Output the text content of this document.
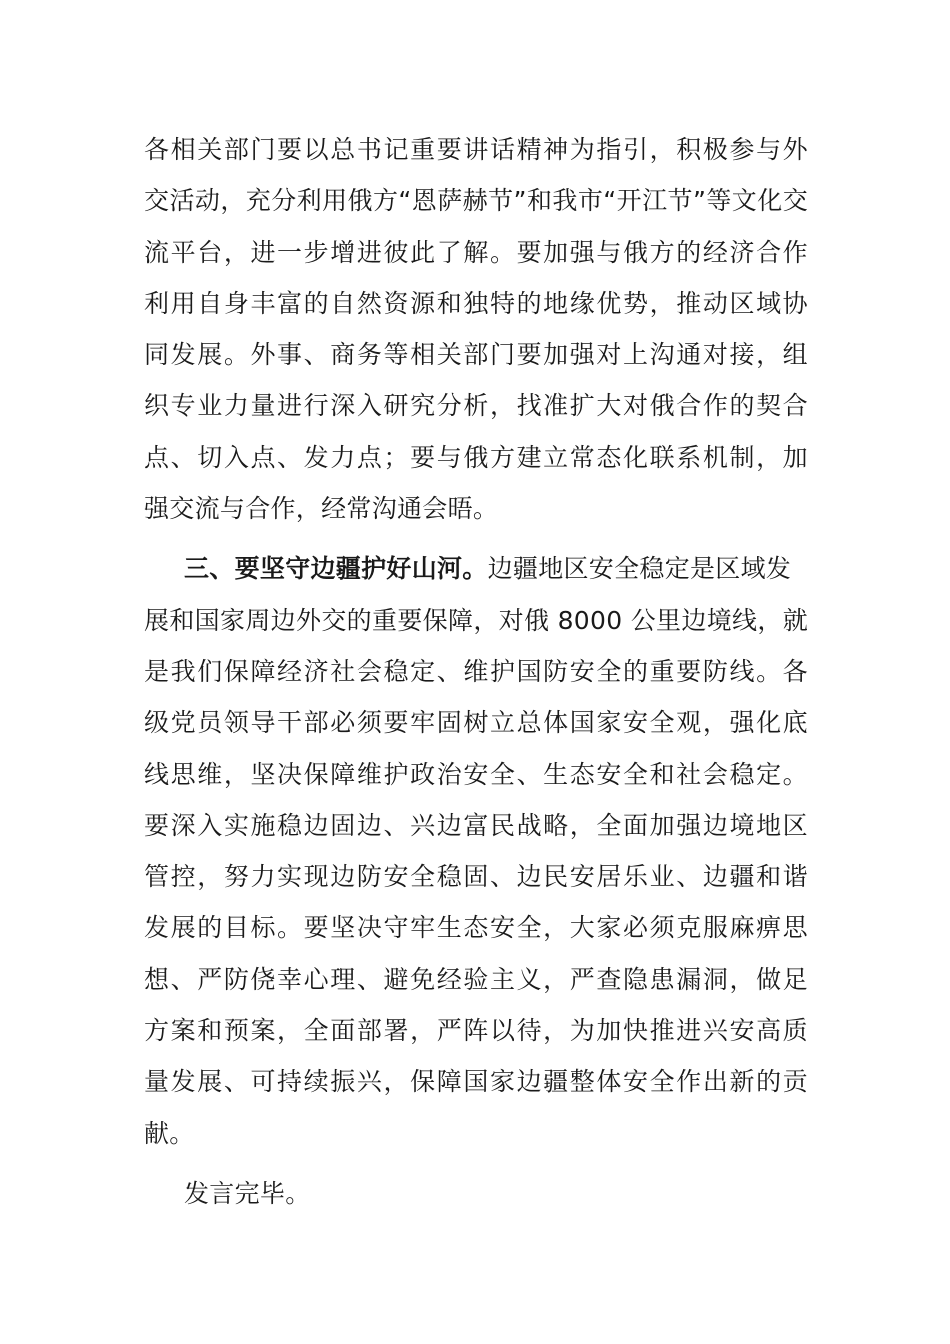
各相关部门要以总书记重要讲话精神为指引，积极参与外
交活动，充分利用俄方“恩萨赫节”和我市“开江节”等文化交
流平台，进一步增进彼此了解。要加强与俄方的经济合作
利用自身丰富的自然资源和独特的地缘优势，推动区域协
同发展。外事、商务等相关部门要加强对上沟通对接，组
织专业力量进行深入研究分析，找准扩大对俄合作的契合
点、切入点、发力点；要与俄方建立常态化联系机制，加
强交流与合作，经常沟通会晤。
三、要坚守边疆护好山河。边疆地区安全稳定是区域发
展和国家周边外交的重要保障，对俄 8000 公里边境线，就
是我们保障经济社会稳定、维护国防安全的重要防线。各
级党员领导干部必须要牢固树立总体国家安全观，强化底
线思维，坚决保障维护政治安全、生态安全和社会稳定。
要深入实施稳边固边、兴边富民战略，全面加强边境地区
管控，努力实现边防安全稳固、边民安居乐业、边疆和谐
发展的目标。要坚决守牢生态安全，大家必须克服麻痹思
想、严防侥幸心理、避免经验主义，严查隐患漏洞，做足
方案和预案，全面部署，严阵以待，为加快推进兴安高质
量发展、可持续振兴，保障国家边疆整体安全作出新的贡
献。
发言完毕。
